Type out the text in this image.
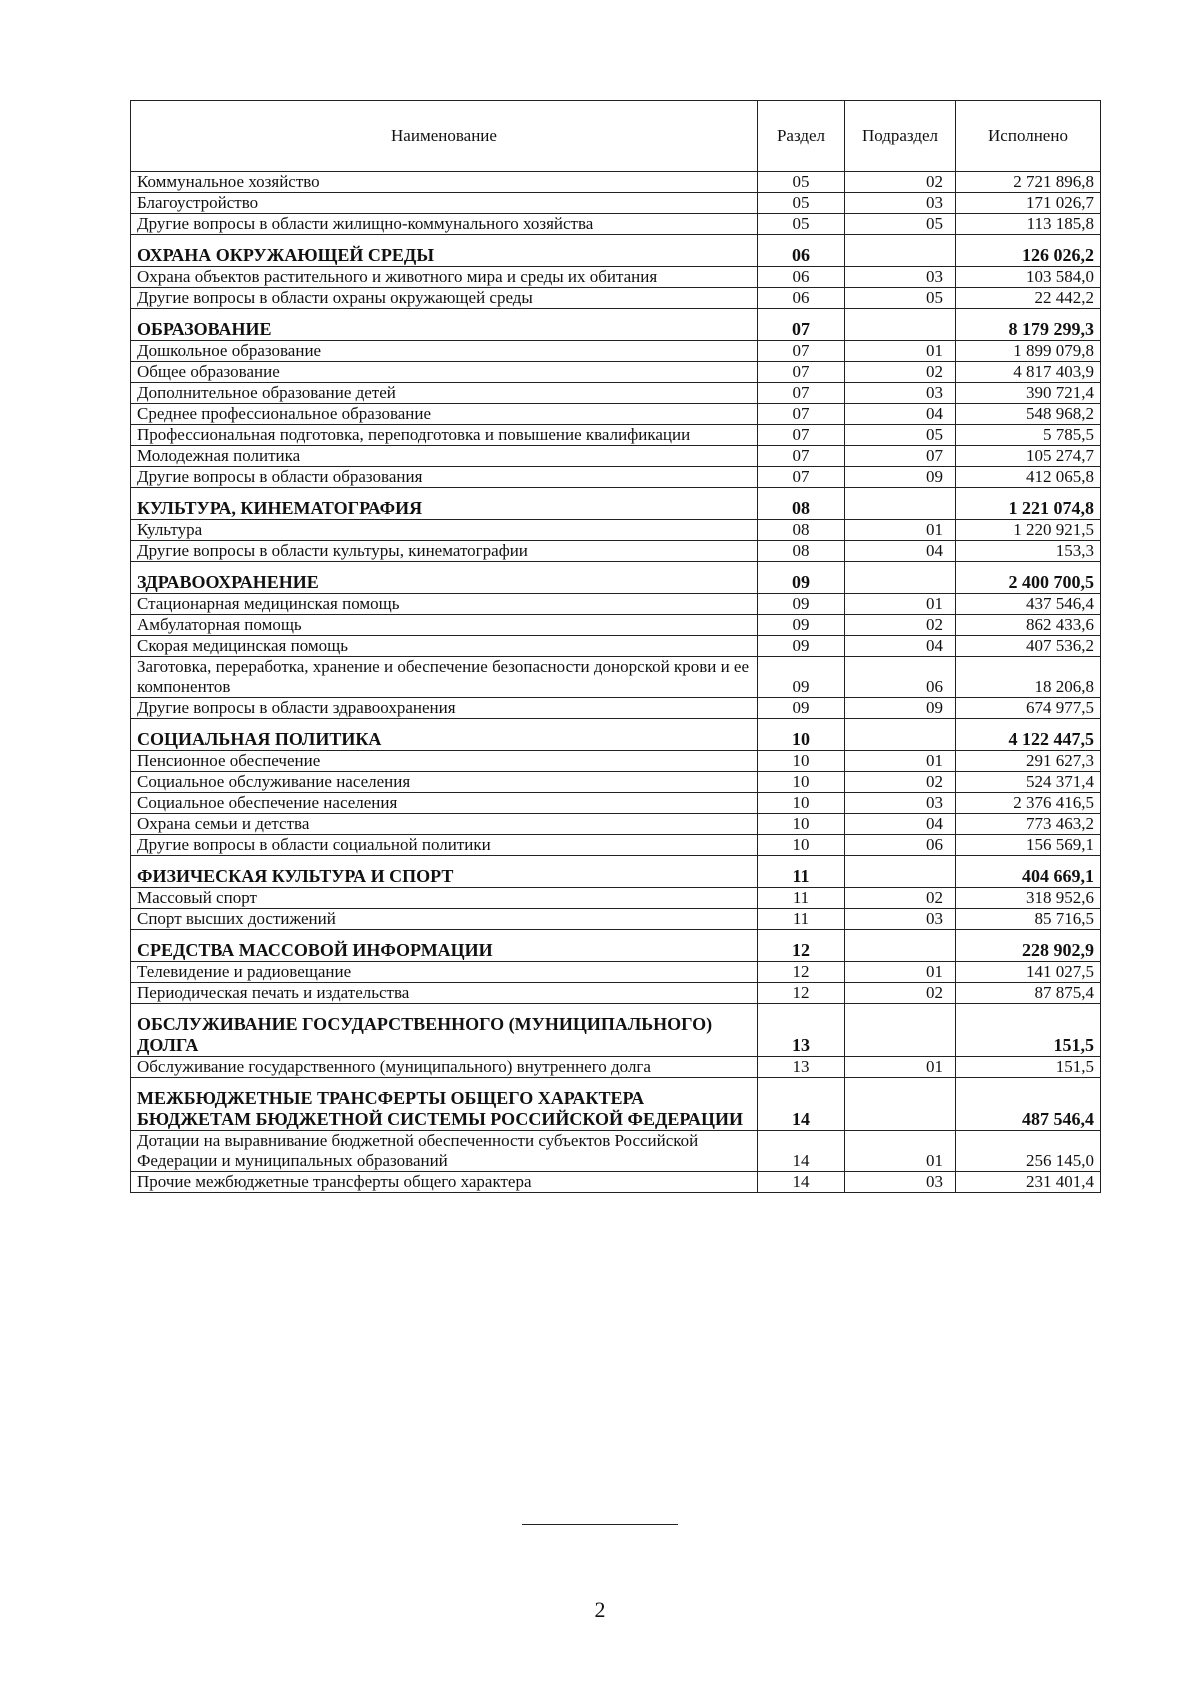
Наименование	Раздел	Подраздел	Исполнено
Коммунальное хозяйство	05	02	2 721 896,8
Благоустройство	05	03	171 026,7
Другие вопросы в области жилищно-коммунального хозяйства	05	05	113 185,8
ОХРАНА ОКРУЖАЮЩЕЙ СРЕДЫ	06		126 026,2
Охрана объектов растительного и животного мира и среды их обитания	06	03	103 584,0
Другие вопросы в области охраны окружающей среды	06	05	22 442,2
ОБРАЗОВАНИЕ	07		8 179 299,3
Дошкольное образование	07	01	1 899 079,8
Общее образование	07	02	4 817 403,9
Дополнительное образование детей	07	03	390 721,4
Среднее профессиональное образование	07	04	548 968,2
Профессиональная подготовка, переподготовка и повышение квалификации	07	05	5 785,5
Молодежная политика	07	07	105 274,7
Другие вопросы в области образования	07	09	412 065,8
КУЛЬТУРА, КИНЕМАТОГРАФИЯ	08		1 221 074,8
Культура	08	01	1 220 921,5
Другие вопросы в области культуры, кинематографии	08	04	153,3
ЗДРАВООХРАНЕНИЕ	09		2 400 700,5
Стационарная медицинская помощь	09	01	437 546,4
Амбулаторная помощь	09	02	862 433,6
Скорая медицинская помощь	09	04	407 536,2
Заготовка, переработка, хранение и обеспечение безопасности донорской крови и ее компонентов	09	06	18 206,8
Другие вопросы в области здравоохранения	09	09	674 977,5
СОЦИАЛЬНАЯ ПОЛИТИКА	10		4 122 447,5
Пенсионное обеспечение	10	01	291 627,3
Социальное обслуживание населения	10	02	524 371,4
Социальное обеспечение населения	10	03	2 376 416,5
Охрана семьи и детства	10	04	773 463,2
Другие вопросы в области социальной политики	10	06	156 569,1
ФИЗИЧЕСКАЯ КУЛЬТУРА И СПОРТ	11		404 669,1
Массовый спорт	11	02	318 952,6
Спорт высших достижений	11	03	85 716,5
СРЕДСТВА МАССОВОЙ ИНФОРМАЦИИ	12		228 902,9
Телевидение и радиовещание	12	01	141 027,5
Периодическая печать и издательства	12	02	87 875,4
ОБСЛУЖИВАНИЕ ГОСУДАРСТВЕННОГО (МУНИЦИПАЛЬНОГО) ДОЛГА	13		151,5
Обслуживание государственного (муниципального) внутреннего долга	13	01	151,5
МЕЖБЮДЖЕТНЫЕ ТРАНСФЕРТЫ ОБЩЕГО ХАРАКТЕРА БЮДЖЕТАМ БЮДЖЕТНОЙ СИСТЕМЫ РОССИЙСКОЙ ФЕДЕРАЦИИ	14		487 546,4
Дотации на выравнивание бюджетной обеспеченности субъектов Российской Федерации и муниципальных образований	14	01	256 145,0
Прочие межбюджетные трансферты общего характера	14	03	231 401,4
2
